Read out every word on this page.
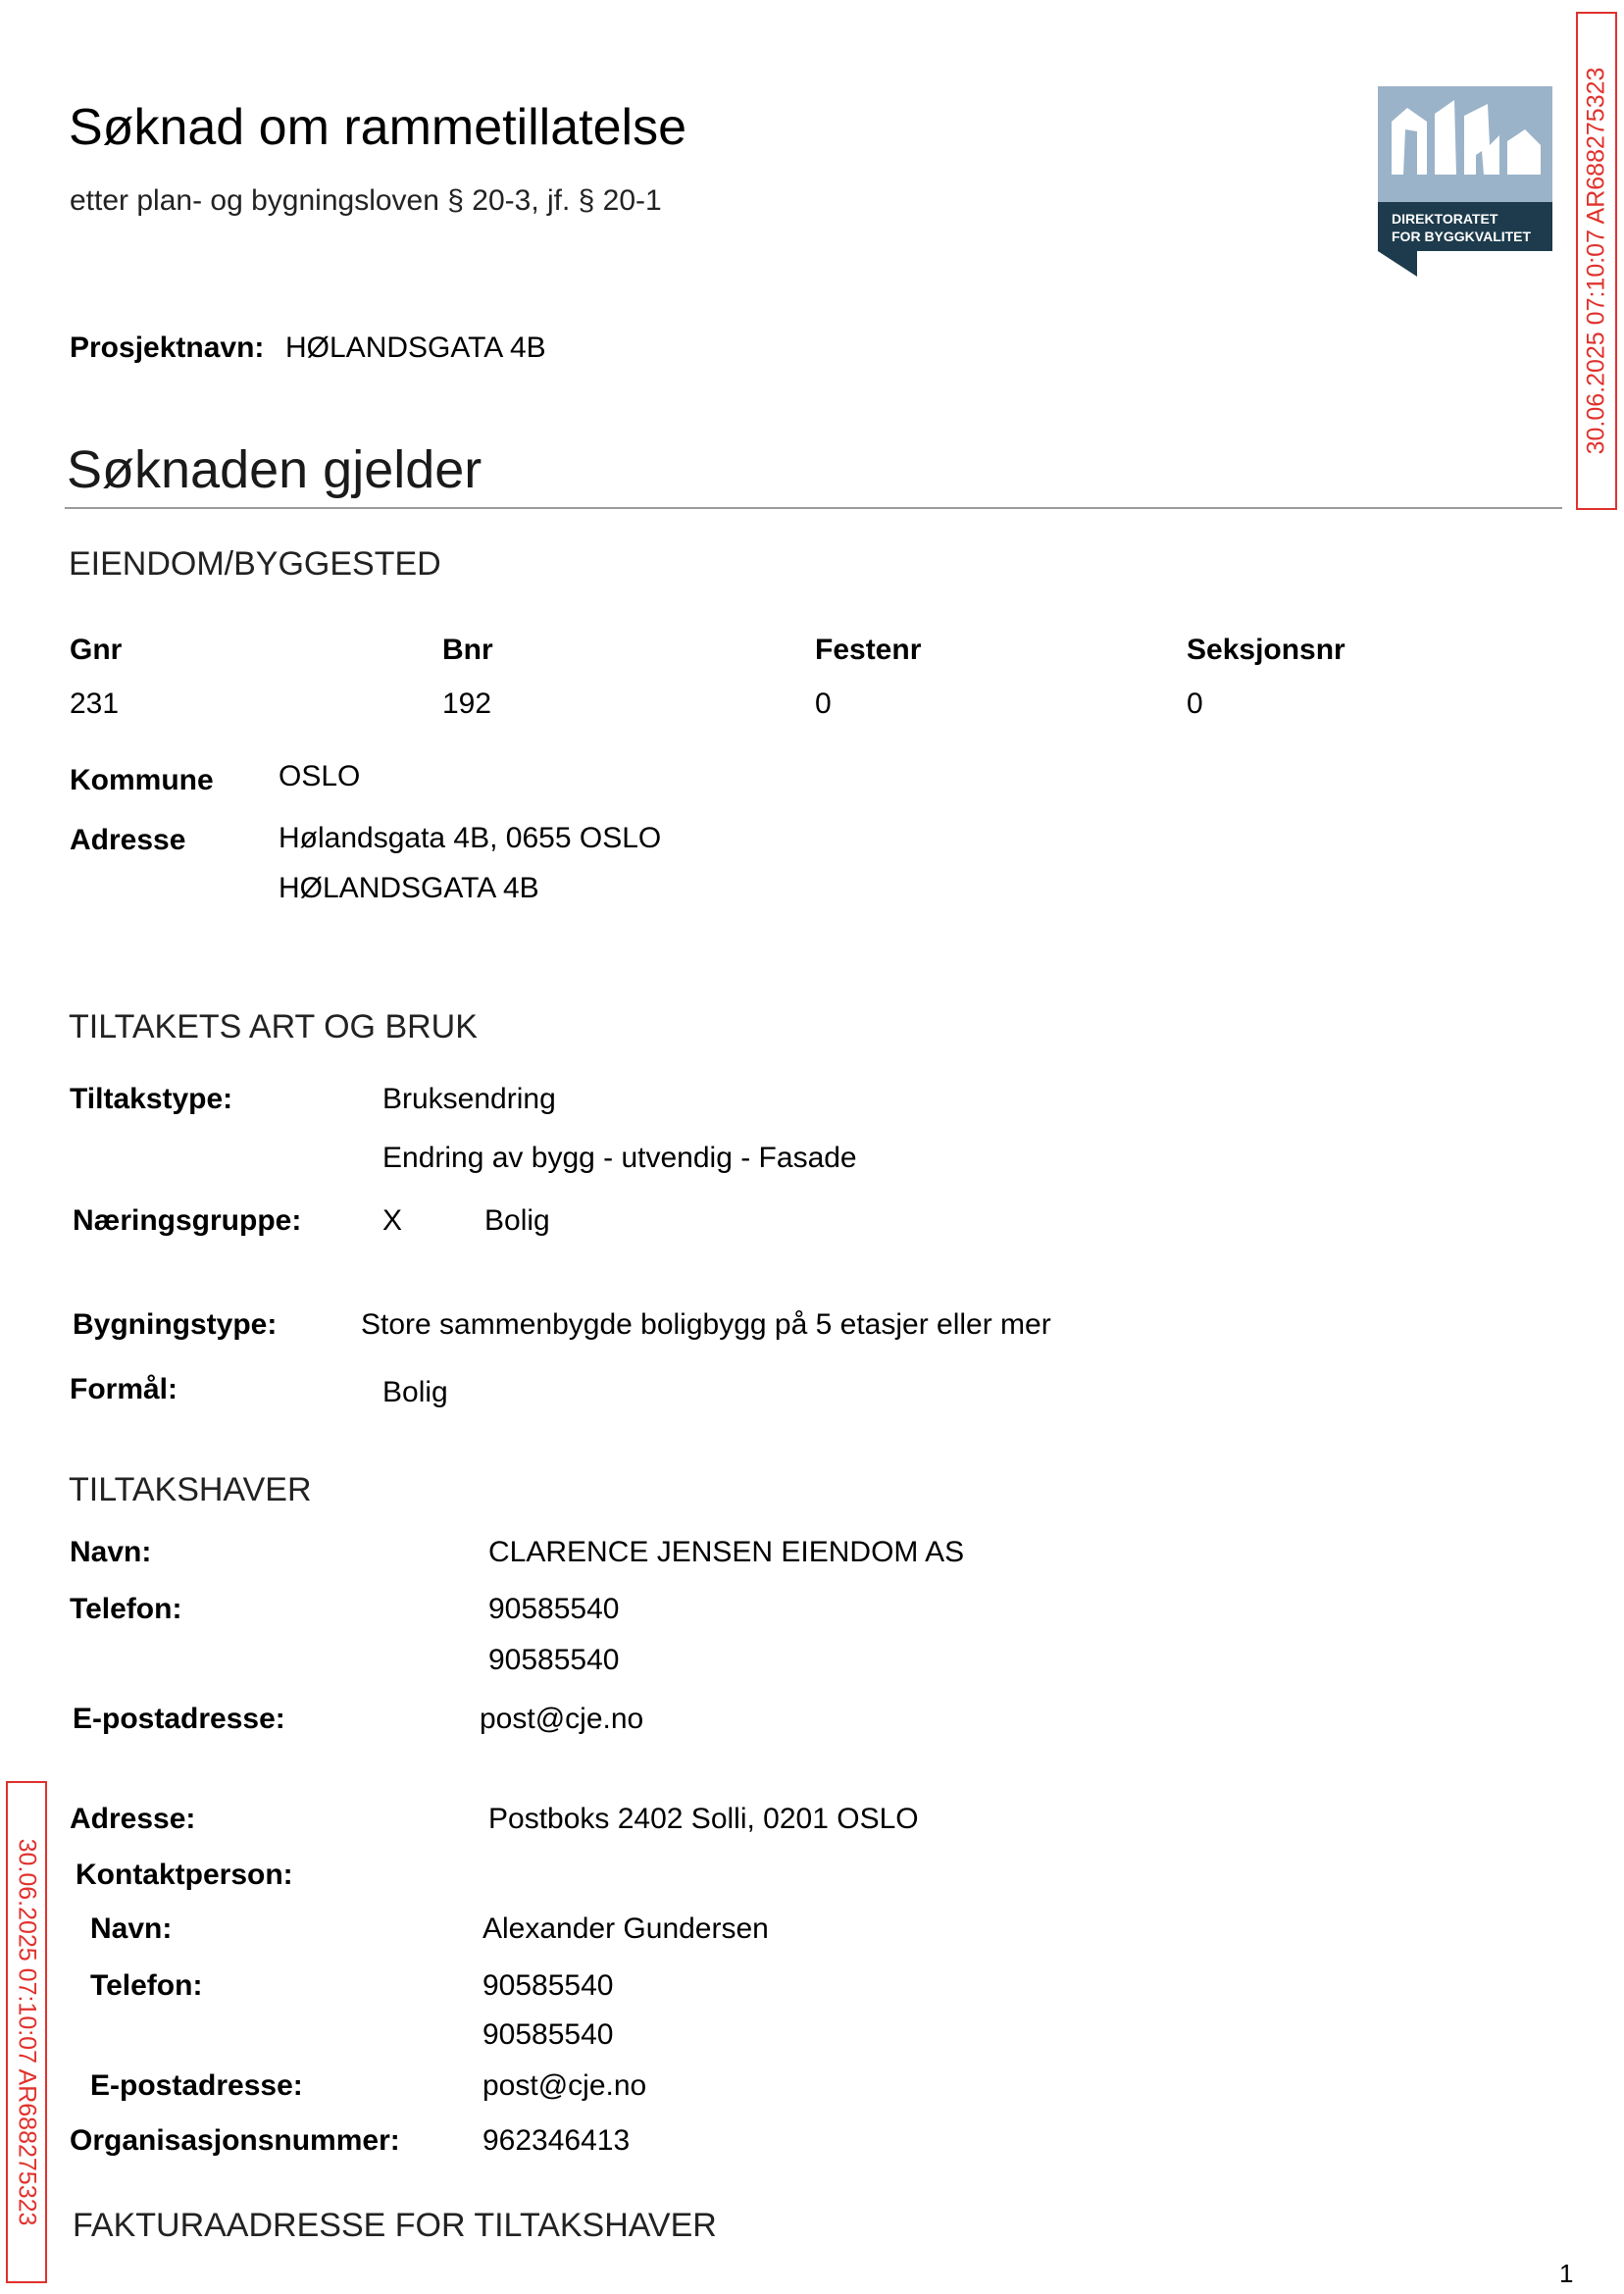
Søknad om rammetillatelse
etter plan- og bygningsloven § 20-3, jf. § 20-1
DIREKTORATET
FOR BYGGKVALITET 30.06.2025 07:10:07 AR688275323
30.06.2025 07:10:07 AR688275323
Prosjektnavn: HØLANDSGATA 4B
Søknaden gjelder
EIENDOM/BYGGESTED
Gnr	Bnr	Festenr	Seksjonsnr
231	192	0	0
Kommune OSLO
Adresse	Hølandsgata 4B, 0655 OSLO
HØLANDSGATA 4B
TILTAKETS ART OG BRUK
Tiltakstype:	Bruksendring
Endring av bygg - utvendig - Fasade
Næringsgruppe:	X	Bolig
Bygningstype:	Store sammenbygde boligbygg på 5 etasjer eller mer
Formål:	Bolig
TILTAKSHAVER
Navn:	CLARENCE JENSEN EIENDOM AS
Telefon:	90585540
90585540
E-postadresse:	post@cje.no
Adresse:	Postboks 2402 Solli, 0201 OSLO
Kontaktperson:
Navn:	Alexander Gundersen
Telefon:	90585540
90585540
E-postadresse:	post@cje.no
Organisasjonsnummer:	962346413
FAKTURAADRESSE FOR TILTAKSHAVER
1
